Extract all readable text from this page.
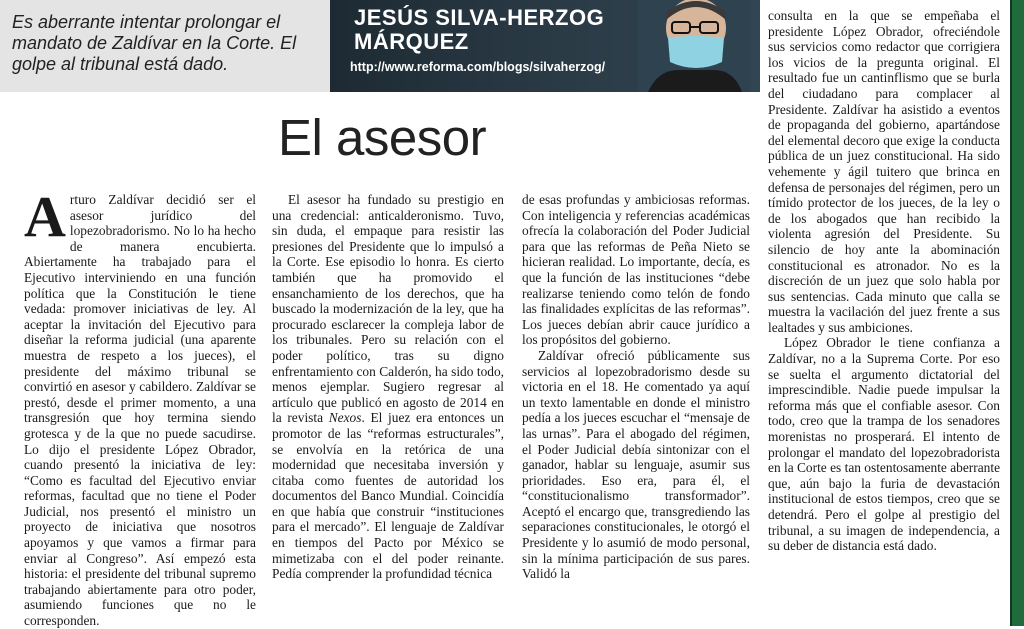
Es aberrante intentar prolongar el mandato de Zaldívar en la Corte. El golpe al tribunal está dado.

JESÚS SILVA-HERZOG
MÁRQUEZ

http://www.reforma.com/blogs/silvaherzog/
El asesor

Arturo Zaldívar decidió ser el asesor jurídico del lopezobradorismo. No lo ha hecho de manera encubierta. Abiertamente ha trabajado para el Ejecutivo interviniendo en una función política que la Constitución le tiene vedada: promover iniciativas de ley. Al aceptar la invitación del Ejecutivo para diseñar la reforma judicial (una aparente muestra de respeto a los jueces), el presidente del máximo tribunal se convirtió en asesor y cabildero. Zaldívar se prestó, desde el primer momento, a una transgresión que hoy termina siendo grotesca y de la que no puede sacudirse. Lo dijo el presidente López Obrador, cuando presentó la iniciativa de ley: “Como es facultad del Ejecutivo enviar reformas, facultad que no tiene el Poder Judicial, nos presentó el ministro un proyecto de iniciativa que nosotros apoyamos y que vamos a firmar para enviar al Congreso”. Así empezó esta historia: el presidente del tribunal supremo trabajando abiertamente para otro poder, asumiendo funciones que no le corresponden.

El asesor ha fundado su prestigio en una credencial: anticalderonismo. Tuvo, sin duda, el empaque para resistir las presiones del Presidente que lo impulsó a la Corte. Ese episodio lo honra. Es cierto también que ha promovido el ensanchamiento de los derechos, que ha buscado la modernización de la ley, que ha procurado esclarecer la compleja labor de los tribunales. Pero su relación con el poder político, tras su digno enfrentamiento con Calderón, ha sido todo, menos ejemplar. Sugiero regresar al artículo que publicó en agosto de 2014 en la revista Nexos. El juez era entonces un promotor de las “reformas estructurales”, se envolvía en la retórica de una modernidad que necesitaba inversión y citaba como fuentes de autoridad los documentos del Banco Mundial. Coincidía en que había que construir “instituciones para el mercado”. El lenguaje de Zaldívar en tiempos del Pacto por México se mimetizaba con el del poder reinante. Pedía comprender la profundidad técnica

de esas profundas y ambiciosas reformas. Con inteligencia y referencias académicas ofrecía la colaboración del Poder Judicial para que las reformas de Peña Nieto se hicieran realidad. Lo importante, decía, es que la función de las instituciones “debe realizarse teniendo como telón de fondo las finalidades explícitas de las reformas”. Los jueces debían abrir cauce jurídico a los propósitos del gobierno.

Zaldívar ofreció públicamente sus servicios al lopezobradorismo desde su victoria en el 18. He comentado ya aquí un texto lamentable en donde el ministro pedía a los jueces escuchar el “mensaje de las urnas”. Para el abogado del régimen, el Poder Judicial debía sintonizar con el ganador, hablar su lenguaje, asumir sus prioridades. Eso era, para él, el “constitucionalismo transformador”. Aceptó el encargo que, transgrediendo las separaciones constitucionales, le otorgó el Presidente y lo asumió de modo personal, sin la mínima participación de sus pares. Validó la

consulta en la que se empeñaba el presidente López Obrador, ofreciéndole sus servicios como redactor que corrigiera los vicios de la pregunta original. El resultado fue un cantinflismo que se burla del ciudadano para complacer al Presidente. Zaldívar ha asistido a eventos de propaganda del gobierno, apartándose del elemental decoro que exige la conducta pública de un juez constitucional. Ha sido vehemente y ágil tuitero que brinca en defensa de personajes del régimen, pero un tímido protector de los jueces, de la ley o de los abogados que han recibido la violenta agresión del Presidente. Su silencio de hoy ante la abominación constitucional es atronador. No es la discreción de un juez que solo habla por sus sentencias. Cada minuto que calla se muestra la vacilación del juez frente a sus lealtades y sus ambiciones.

López Obrador le tiene confianza a Zaldívar, no a la Suprema Corte. Por eso se suelta el argumento dictatorial del imprescindible. Nadie puede impulsar la reforma más que el confiable asesor. Con todo, creo que la trampa de los senadores morenistas no prosperará. El intento de prolongar el mandato del lopezobradorista en la Corte es tan ostentosamente aberrante que, aún bajo la furia de devastación institucional de estos tiempos, creo que se detendrá. Pero el golpe al prestigio del tribunal, a su imagen de independencia, a su deber de distancia está dado.
